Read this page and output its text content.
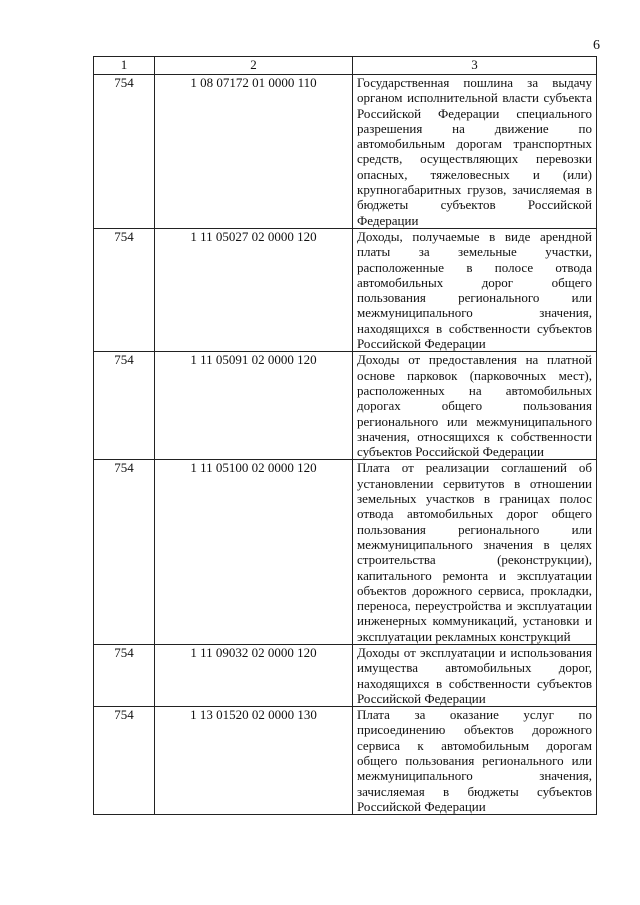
6
1	2	3
754	1 08 07172 01 0000 110	Государственная пошлина за выдачу органом исполнительной власти субъекта Российской Федерации специального разрешения на движение по автомобильным дорогам транспортных средств, осуществляющих перевозки опасных, тяжеловесных и (или) крупногабаритных грузов, зачисляемая в бюджеты субъектов Российской Федерации
754	1 11 05027 02 0000 120	Доходы, получаемые в виде арендной платы за земельные участки, расположенные в полосе отвода автомобильных дорог общего пользования регионального или межмуниципального значения, находящихся в собственности субъектов Российской Федерации
754	1 11 05091 02 0000 120	Доходы от предоставления на платной основе парковок (парковочных мест), расположенных на автомобильных дорогах общего пользования регионального или межмуниципального значения, относящихся к собственности субъектов Российской Федерации
754	1 11 05100 02 0000 120	Плата от реализации соглашений об установлении сервитутов в отношении земельных участков в границах полос отвода автомобильных дорог общего пользования регионального или межмуниципального значения в целях строительства (реконструкции), капитального ремонта и эксплуатации объектов дорожного сервиса, прокладки, переноса, переустройства и эксплуатации инженерных коммуникаций, установки и эксплуатации рекламных конструкций
754	1 11 09032 02 0000 120	Доходы от эксплуатации и использования имущества автомобильных дорог, находящихся в собственности субъектов Российской Федерации
754	1 13 01520 02 0000 130	Плата за оказание услуг по присоединению объектов дорожного сервиса к автомобильным дорогам общего пользования регионального или межмуниципального значения, зачисляемая в бюджеты субъектов Российской Федерации
